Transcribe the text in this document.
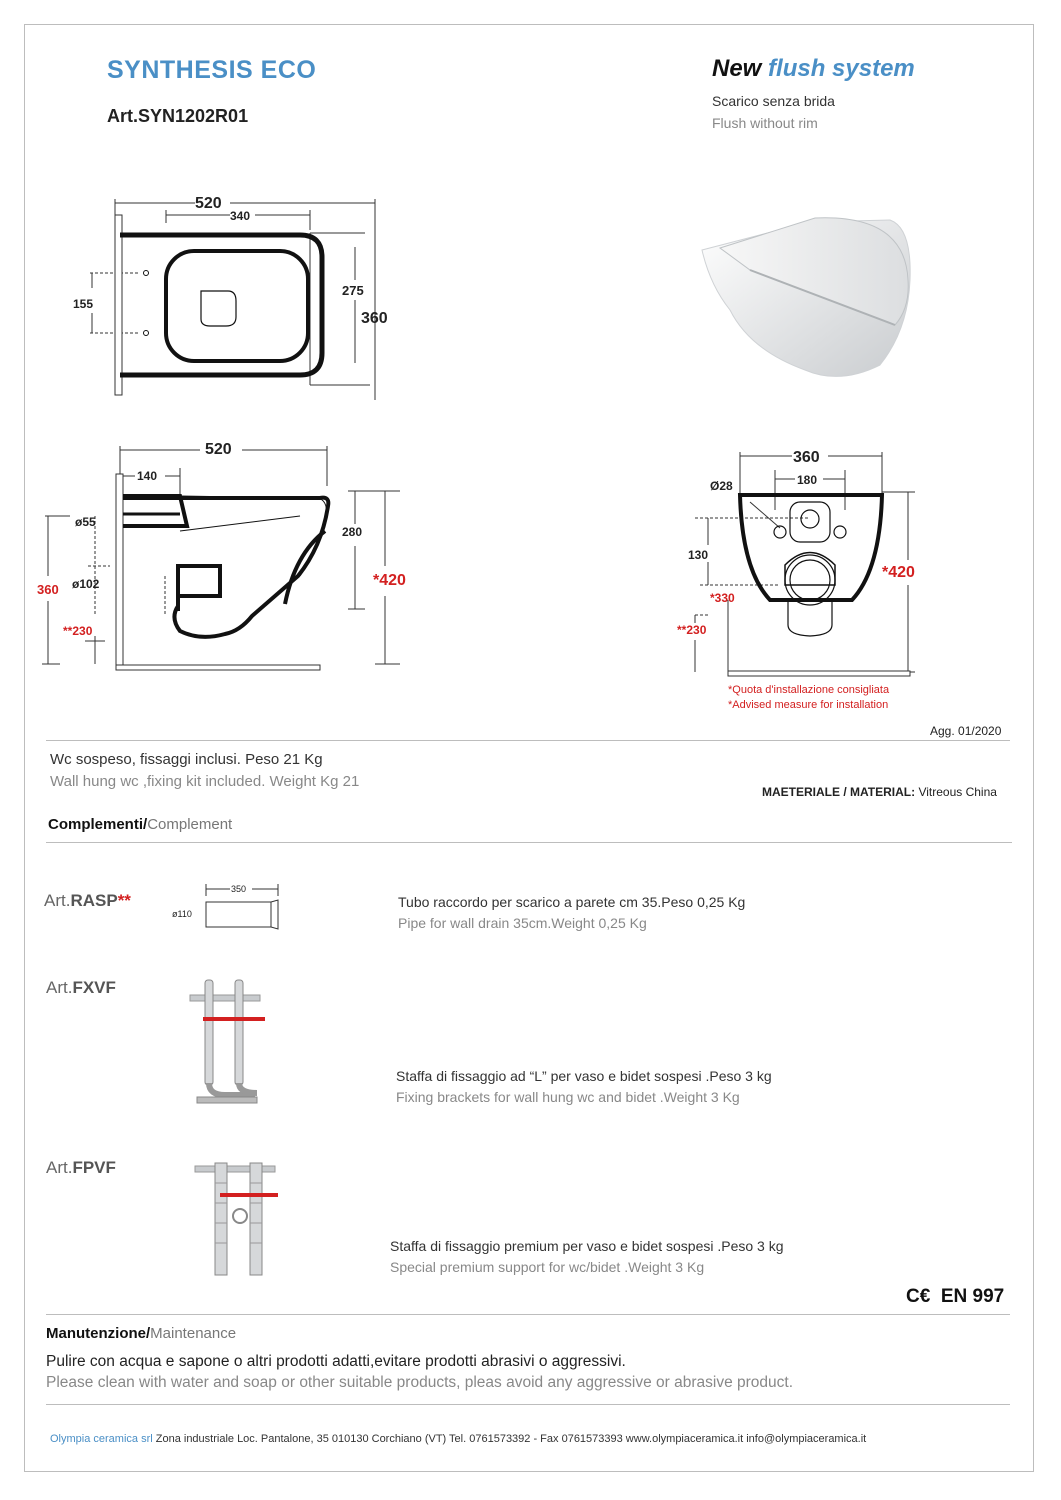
SYNTHESIS ECO
Art.SYN1202R01
New flush system
Scarico senza brida
Flush without rim
520
340
155
275
360
520
140
ø55
ø102
280
360
**230
*420
360
180
Ø28
130
*330
**230
*420
*Quota d'installazione consigliata
*Advised measure for installation
Agg. 01/2020
Wc sospeso, fissaggi inclusi. Peso 21 Kg
Wall hung wc ,fixing kit included. Weight Kg 21
MAETERIALE / MATERIAL: Vitreous China
Complementi/Complement
Art.RASP**
350
ø110
Tubo raccordo per scarico a parete cm 35.Peso 0,25 Kg
Pipe for wall drain 35cm.Weight 0,25 Kg
Art.FXVF
Staffa di fissaggio ad “L” per vaso e bidet sospesi .Peso 3 kg
Fixing brackets for wall hung wc and bidet .Weight 3 Kg
Art.FPVF
Staffa di fissaggio premium per vaso e bidet sospesi .Peso 3 kg
Special premium support for wc/bidet .Weight 3 Kg
C€ EN 997
Manutenzione/Maintenance
Pulire con acqua e sapone o altri prodotti adatti,evitare prodotti abrasivi o aggressivi.
Please clean with water and soap or other suitable products, pleas avoid any aggressive or abrasive product.
Olympia ceramica srl Zona industriale Loc. Pantalone, 35 010130 Corchiano (VT) Tel. 0761573392 - Fax 0761573393 www.olympiaceramica.it info@olympiaceramica.it
